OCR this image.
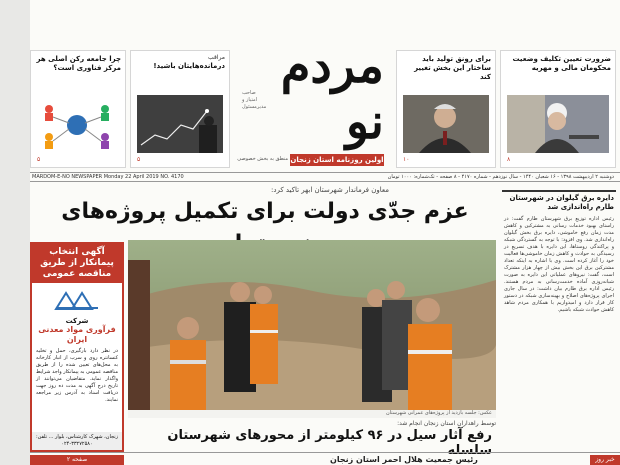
ضرورت تعیین تکلیف وضعیت محکومان مالی و مهریه
۸
برای رونق تولید باید ساختار این بخش تغییر کند
۱۰
مراقب
درمانده‌هایتان باشید!
۵
چرا جامعه رکن اصلی هر مرکز فناوری است؟
۵
مردم نو
صاحب امتیاز و مدیرمسئول
اولین روزنامه استان زنجان
منطق به بخش خصوصی
MARDOM-E-NO NEWSPAPER Monday 22 April 2019 NO. 4170	دوشنبه ۲ اردیبهشت ۱۳۹۸ - ۱۶ شعبان ۱۴۴۰ - سال نوزدهم - شماره ۴۱۷۰ - ۸ صفحه - تک‌شماره: ۱۰۰۰ تومان
معاون فرماندار شهرستان ابهر تاکید کرد:
عزم جدّی دولت برای تکمیل پروژه‌های
عکس: جلسه بازدید از پروژه‌های عمرانی شهرستان
توسط راهداران استان زنجان انجام شد:
رفع آثار سیل در ۹۶ کیلومتر از محورهای شهرستان سلسله
آگهی انتخاب پیمانکار از طریق مناقصه عمومی
شرکت
فرآوری مواد معدنی ایران
در نظر دارد بارگیری، حمل و تخلیه کنسانتره روی و سرب از انبار کارخانه به محل‌های تعیین شده را از طریق مناقصه عمومی به پیمانکار واجد شرایط واگذار نماید. متقاضیان می‌توانند از تاریخ درج آگهی به مدت ده روز جهت دریافت اسناد به آدرس زیر مراجعه نمایند.
زنجان، شهرک کارشناس، بلوار ... تلفن: ۳۳۲۷۲۵۸۰-۰۲۴
دایره برق گیلوان در شهرستان طارم راه‌اندازی شد
رئیس اداره توزیع برق شهرستان طارم گفت: در راستای بهبود خدمات رسانی به مشترکین و کاهش مدت زمان رفع خاموشی، دایره برق بخش گیلوان راه‌اندازی شد. وی افزود: با توجه به گستردگی شبکه و پراکندگی روستاها، این دایره با هدف تسریع در رسیدگی به حوادث و کاهش زمان خاموشی‌ها فعالیت خود را آغاز کرده است. وی با اشاره به اینکه تعداد مشترکین برق این بخش بیش از چهار هزار مشترک است، گفت: نیروهای عملیاتی این دایره به صورت شبانه‌روزی آماده خدمت‌رسانی به مردم هستند. رئیس اداره برق طارم بیان داشت: در سال جاری اجرای پروژه‌های اصلاح و بهینه‌سازی شبکه در دستور کار قرار دارد و امیدواریم با همکاری مردم شاهد کاهش حوادث شبکه باشیم.
صفحه ۲	رئیس جمعیت هلال احمر استان زنجان	خبر روز
